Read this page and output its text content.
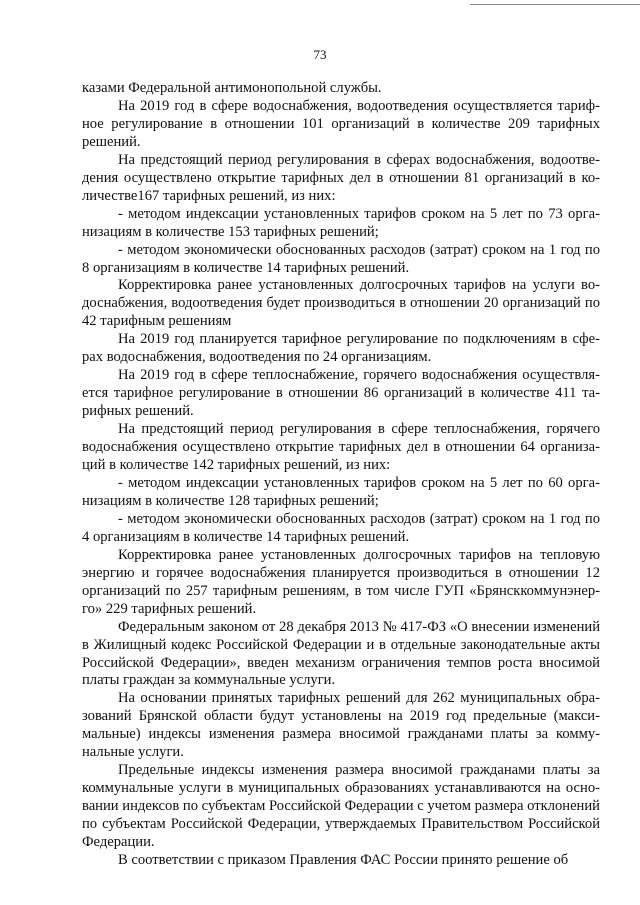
73

казами Федеральной антимонопольной службы.

На 2019 год в сфере водоснабжения, водоотведения осуществляется тарифное регулирование в отношении 101 организаций в количестве 209 тарифных решений.

На предстоящий период регулирования в сферах водоснабжения, водоотведения осуществлено открытие тарифных дел в отношении 81 организаций в количестве167 тарифных решений, из них:

- методом индексации установленных тарифов сроком на 5 лет по 73 организациям в количестве 153 тарифных решений;

- методом экономически обоснованных расходов (затрат) сроком на 1 год по 8 организациям в количестве 14 тарифных решений.

Корректировка ранее установленных долгосрочных тарифов на услуги водоснабжения, водоотведения будет производиться в отношении 20 организаций по 42 тарифным решениям

На 2019 год планируется тарифное регулирование по подключениям в сферах водоснабжения, водоотведения по 24 организациям.

На 2019 год в сфере теплоснабжение, горячего водоснабжения осуществляется тарифное регулирование в отношении 86 организаций в количестве 411 тарифных решений.

На предстоящий период регулирования в сфере теплоснабжения, горячего водоснабжения осуществлено открытие тарифных дел в отношении 64 организаций в количестве 142 тарифных решений, из них:

- методом индексации установленных тарифов сроком на 5 лет по 60 организациям в количестве 128 тарифных решений;

- методом экономически обоснованных расходов (затрат) сроком на 1 год по 4 организациям в количестве 14 тарифных решений.

Корректировка ранее установленных долгосрочных тарифов на тепловую энергию и горячее водоснабжения планируется производиться в отношении 12 организаций по 257 тарифным решениям, в том числе ГУП «Брянсккоммунэнерго» 229 тарифных решений.

Федеральным законом от 28 декабря 2013 № 417-ФЗ «О внесении изменений в Жилищный кодекс Российской Федерации и в отдельные законодательные акты Российской Федерации», введен механизм ограничения темпов роста вносимой платы граждан за коммунальные услуги.

На основании принятых тарифных решений для 262 муниципальных образований Брянской области будут установлены на 2019 год предельные (максимальные) индексы изменения размера вносимой гражданами платы за коммунальные услуги.

Предельные индексы изменения размера вносимой гражданами платы за коммунальные услуги в муниципальных образованиях устанавливаются на основании индексов по субъектам Российской Федерации с учетом размера отклонений по субъектам Российской Федерации, утверждаемых Правительством Российской Федерации.

В соответствии с приказом Правления ФАС России принято решение об
